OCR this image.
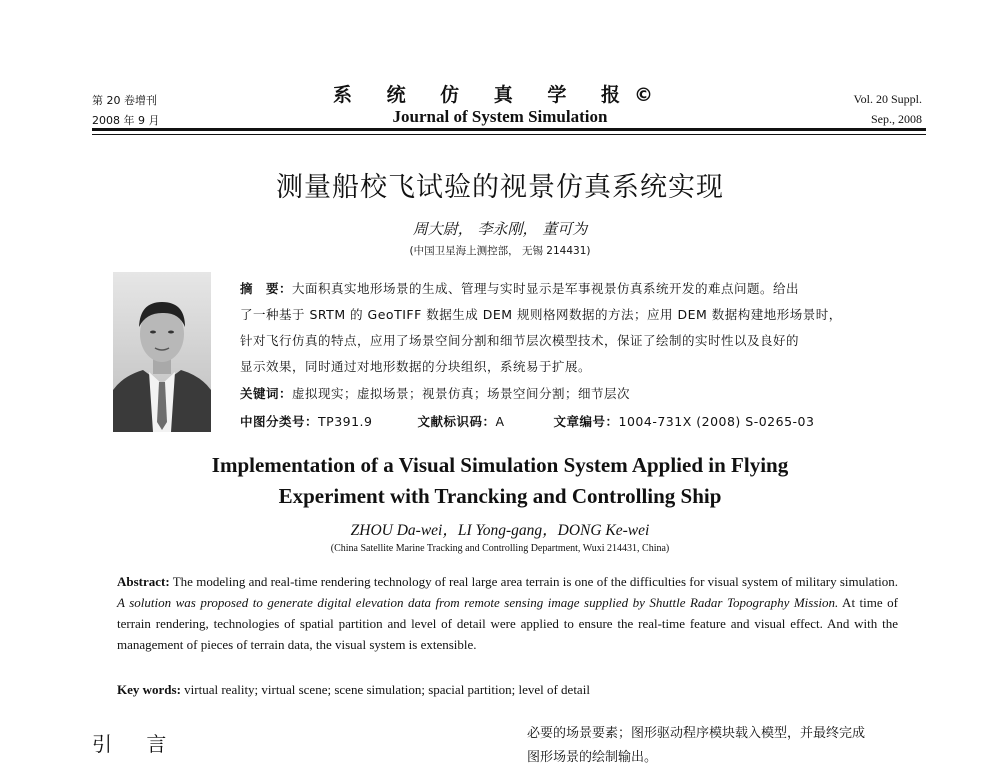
第 20 卷增刊
2008 年 9 月
系 统 仿 真 学 报©
Journal of System Simulation
Vol. 20 Suppl.
Sep., 2008
测量船校飞试验的视景仿真系统实现
周大尉， 李永刚， 董可为
(中国卫星海上测控部， 无锡 214431)
摘　要：大面积真实地形场景的生成、管理与实时显示是军事视景仿真系统开发的难点问题。给出
了一种基于 SRTM 的 GeoTIFF 数据生成 DEM 规则格网数据的方法；应用 DEM 数据构建地形场景时，
针对飞行仿真的特点，应用了场景空间分割和细节层次模型技术，保证了绘制的实时性以及良好的
显示效果，同时通过对地形数据的分块组织，系统易于扩展。
关键词：虚拟现实；虚拟场景；视景仿真；场景空间分割；细节层次
中图分类号：TP391.9	文献标识码：A	文章编号：1004-731X (2008) S-0265-03
Implementation of a Visual Simulation System Applied in Flying
Experiment with Trancking and Controlling Ship
ZHOU Da-wei，LI Yong-gang，DONG Ke-wei
(China Satellite Marine Tracking and Controlling Department, Wuxi 214431, China)
Abstract: The modeling and real-time rendering technology of real large area terrain is one of the difficulties for visual system of military simulation. A solution was proposed to generate digital elevation data from remote sensing image supplied by Shuttle Radar Topography Mission. At time of terrain rendering, technologies of spatial partition and level of detail were applied to ensure the real-time feature and visual effect. And with the management of pieces of terrain data, the visual system is extensible.
Key words: virtual reality; virtual scene; scene simulation; spacial partition; level of detail
引 言	必要的场景要素；图形驱动程序模块载入模型，并最终完成
图形场景的绘制输出。
